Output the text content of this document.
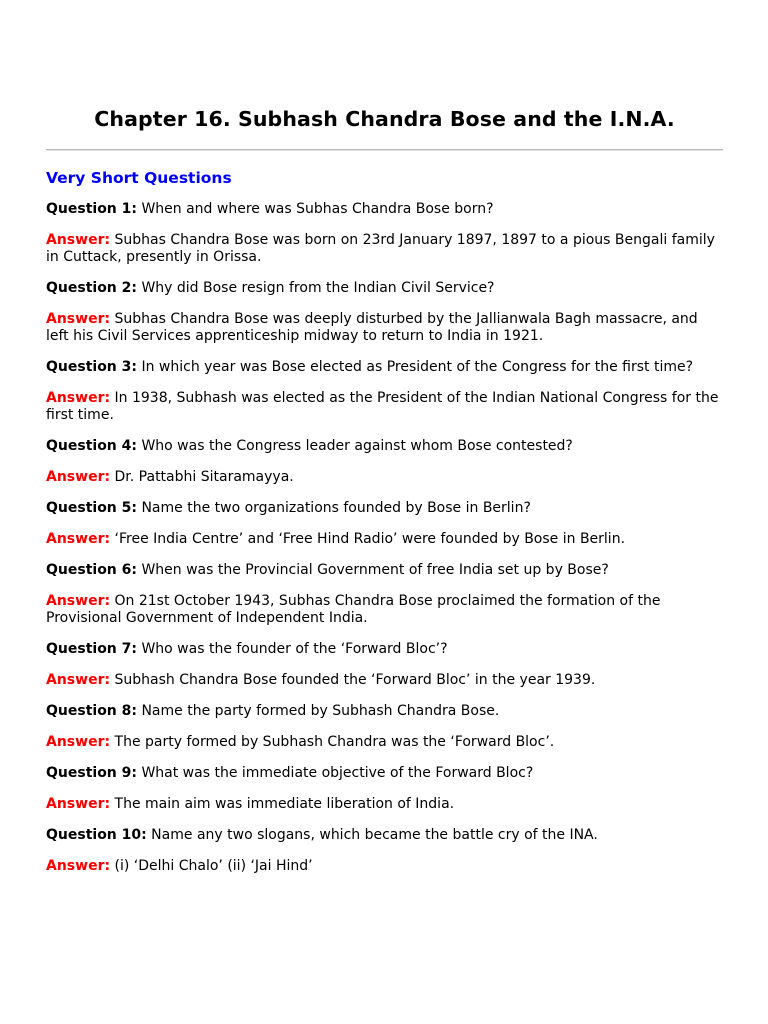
Chapter 16. Subhash Chandra Bose and the I.N.A.
Very Short Questions

Question 1: When and where was Subhas Chandra Bose born?

Answer: Subhas Chandra Bose was born on 23rd January 1897, 1897 to a pious Bengali family in Cuttack, presently in Orissa.

Question 2: Why did Bose resign from the Indian Civil Service?

Answer: Subhas Chandra Bose was deeply disturbed by the Jallianwala Bagh massacre, and left his Civil Services apprenticeship midway to return to India in 1921.

Question 3: In which year was Bose elected as President of the Congress for the first time?

Answer: In 1938, Subhash was elected as the President of the Indian National Congress for the first time.

Question 4: Who was the Congress leader against whom Bose contested?

Answer: Dr. Pattabhi Sitaramayya.

Question 5: Name the two organizations founded by Bose in Berlin?

Answer: ‘Free India Centre’ and ‘Free Hind Radio’ were founded by Bose in Berlin.

Question 6: When was the Provincial Government of free India set up by Bose?

Answer: On 21st October 1943, Subhas Chandra Bose proclaimed the formation of the Provisional Government of Independent India.

Question 7: Who was the founder of the ‘Forward Bloc’?

Answer: Subhash Chandra Bose founded the ‘Forward Bloc’ in the year 1939.

Question 8: Name the party formed by Subhash Chandra Bose.

Answer: The party formed by Subhash Chandra was the ‘Forward Bloc’.

Question 9: What was the immediate objective of the Forward Bloc?

Answer: The main aim was immediate liberation of India.

Question 10: Name any two slogans, which became the battle cry of the INA.

Answer: (i) ‘Delhi Chalo’ (ii) ‘Jai Hind’
